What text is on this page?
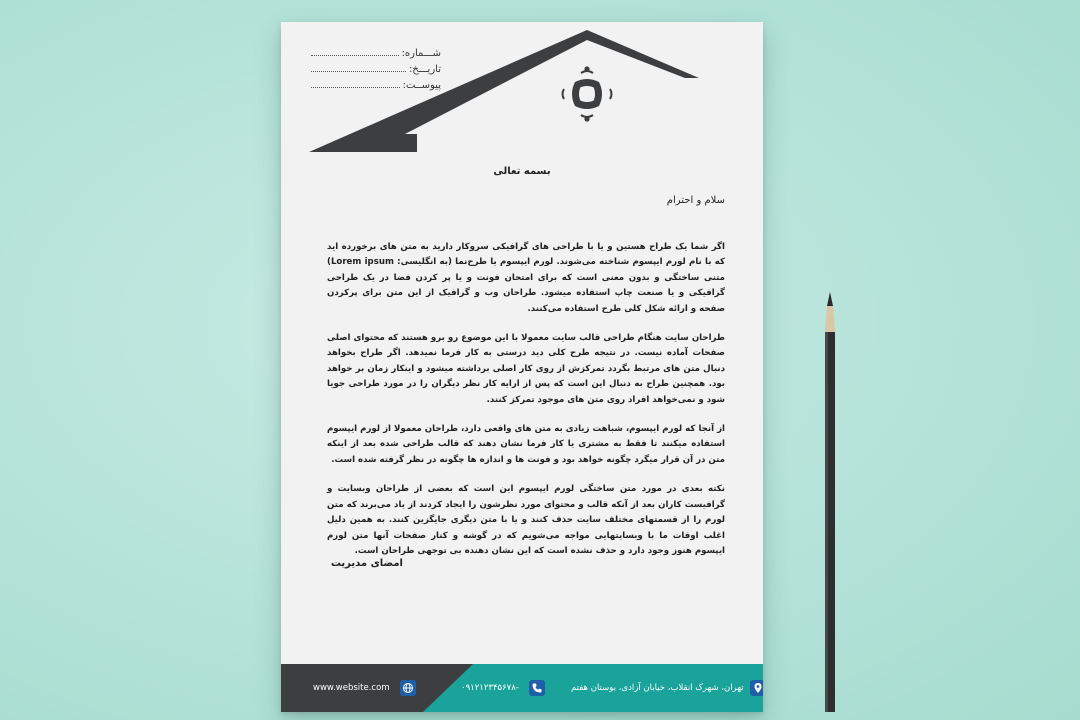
شـــماره:
تاریـــخ:
پیوســت:
بسمه تعالی
سلام و احترام

اگر شما یک طراح هستین و یا با طراحی های گرافیکی سروکار دارید به متن های برخورده اید که با نام لورم ایپسوم شناخته می‌شوند. لورم ایپسوم یا طرح‌نما (به انگلیسی: Lorem ipsum) متنی ساختگی و بدون معنی است که برای امتحان فونت و یا پر کردن فضا در یک طراحی گرافیکی و یا صنعت چاپ استفاده میشود. طراحان وب و گرافیک از این متن برای پرکردن صفحه و ارائه شکل کلی طرح استفاده می‌کنند.

طراحان سایت هنگام طراحی قالب سایت معمولا با این موضوع رو برو هستند که محتوای اصلی صفحات آماده نیست. در نتیجه طرح کلی دید درستی به کار فرما نمیدهد. اگر طراح بخواهد دنبال متن های مرتبط بگردد تمرکزش از روی کار اصلی برداشته میشود و اینکار زمان بر خواهد بود. همچنین طراح به دنبال این است که پس از ارایه کار نظر دیگران را در مورد طراحی جویا شود و نمی‌خواهد افراد روی متن های موجود تمرکز کنند.

از آنجا که لورم ایپسوم، شباهت زیادی به متن های واقعی دارد، طراحان معمولا از لورم ایپسوم استفاده میکنند تا فقط به مشتری یا کار فرما نشان دهند که قالب طراحی شده بعد از اینکه متن در آن قرار میگرد چگونه خواهد بود و فونت ها و اندازه ها چگونه در نظر گرفته شده است.

نکته بعدی در مورد متن ساختگی لورم ایپسوم این است که بعضی از طراحان وبسایت و گرافیست کاران بعد از آنکه قالب و محتوای مورد نظرشون را ایجاد کردند از یاد می‌برند که متن لورم را از قسمتهای مختلف سایت حذف کنند و یا با متن دیگری جایگزین کنند. به همین دلیل اغلب اوقات ما با وبسایتهایی مواجه می‌شویم که در گوشه و کنار صفحات آنها متن لورم ایپسوم هنوز وجود دارد و حذف نشده است که این نشان دهنده بی توجهی طراحان است.

امضای مدیریت
www.website.com	۰۹۱۲۱۲۳۴۵۶۷۸-	تهران، شهرک انقلاب، خیابان آزادی، بوستان هفتم
